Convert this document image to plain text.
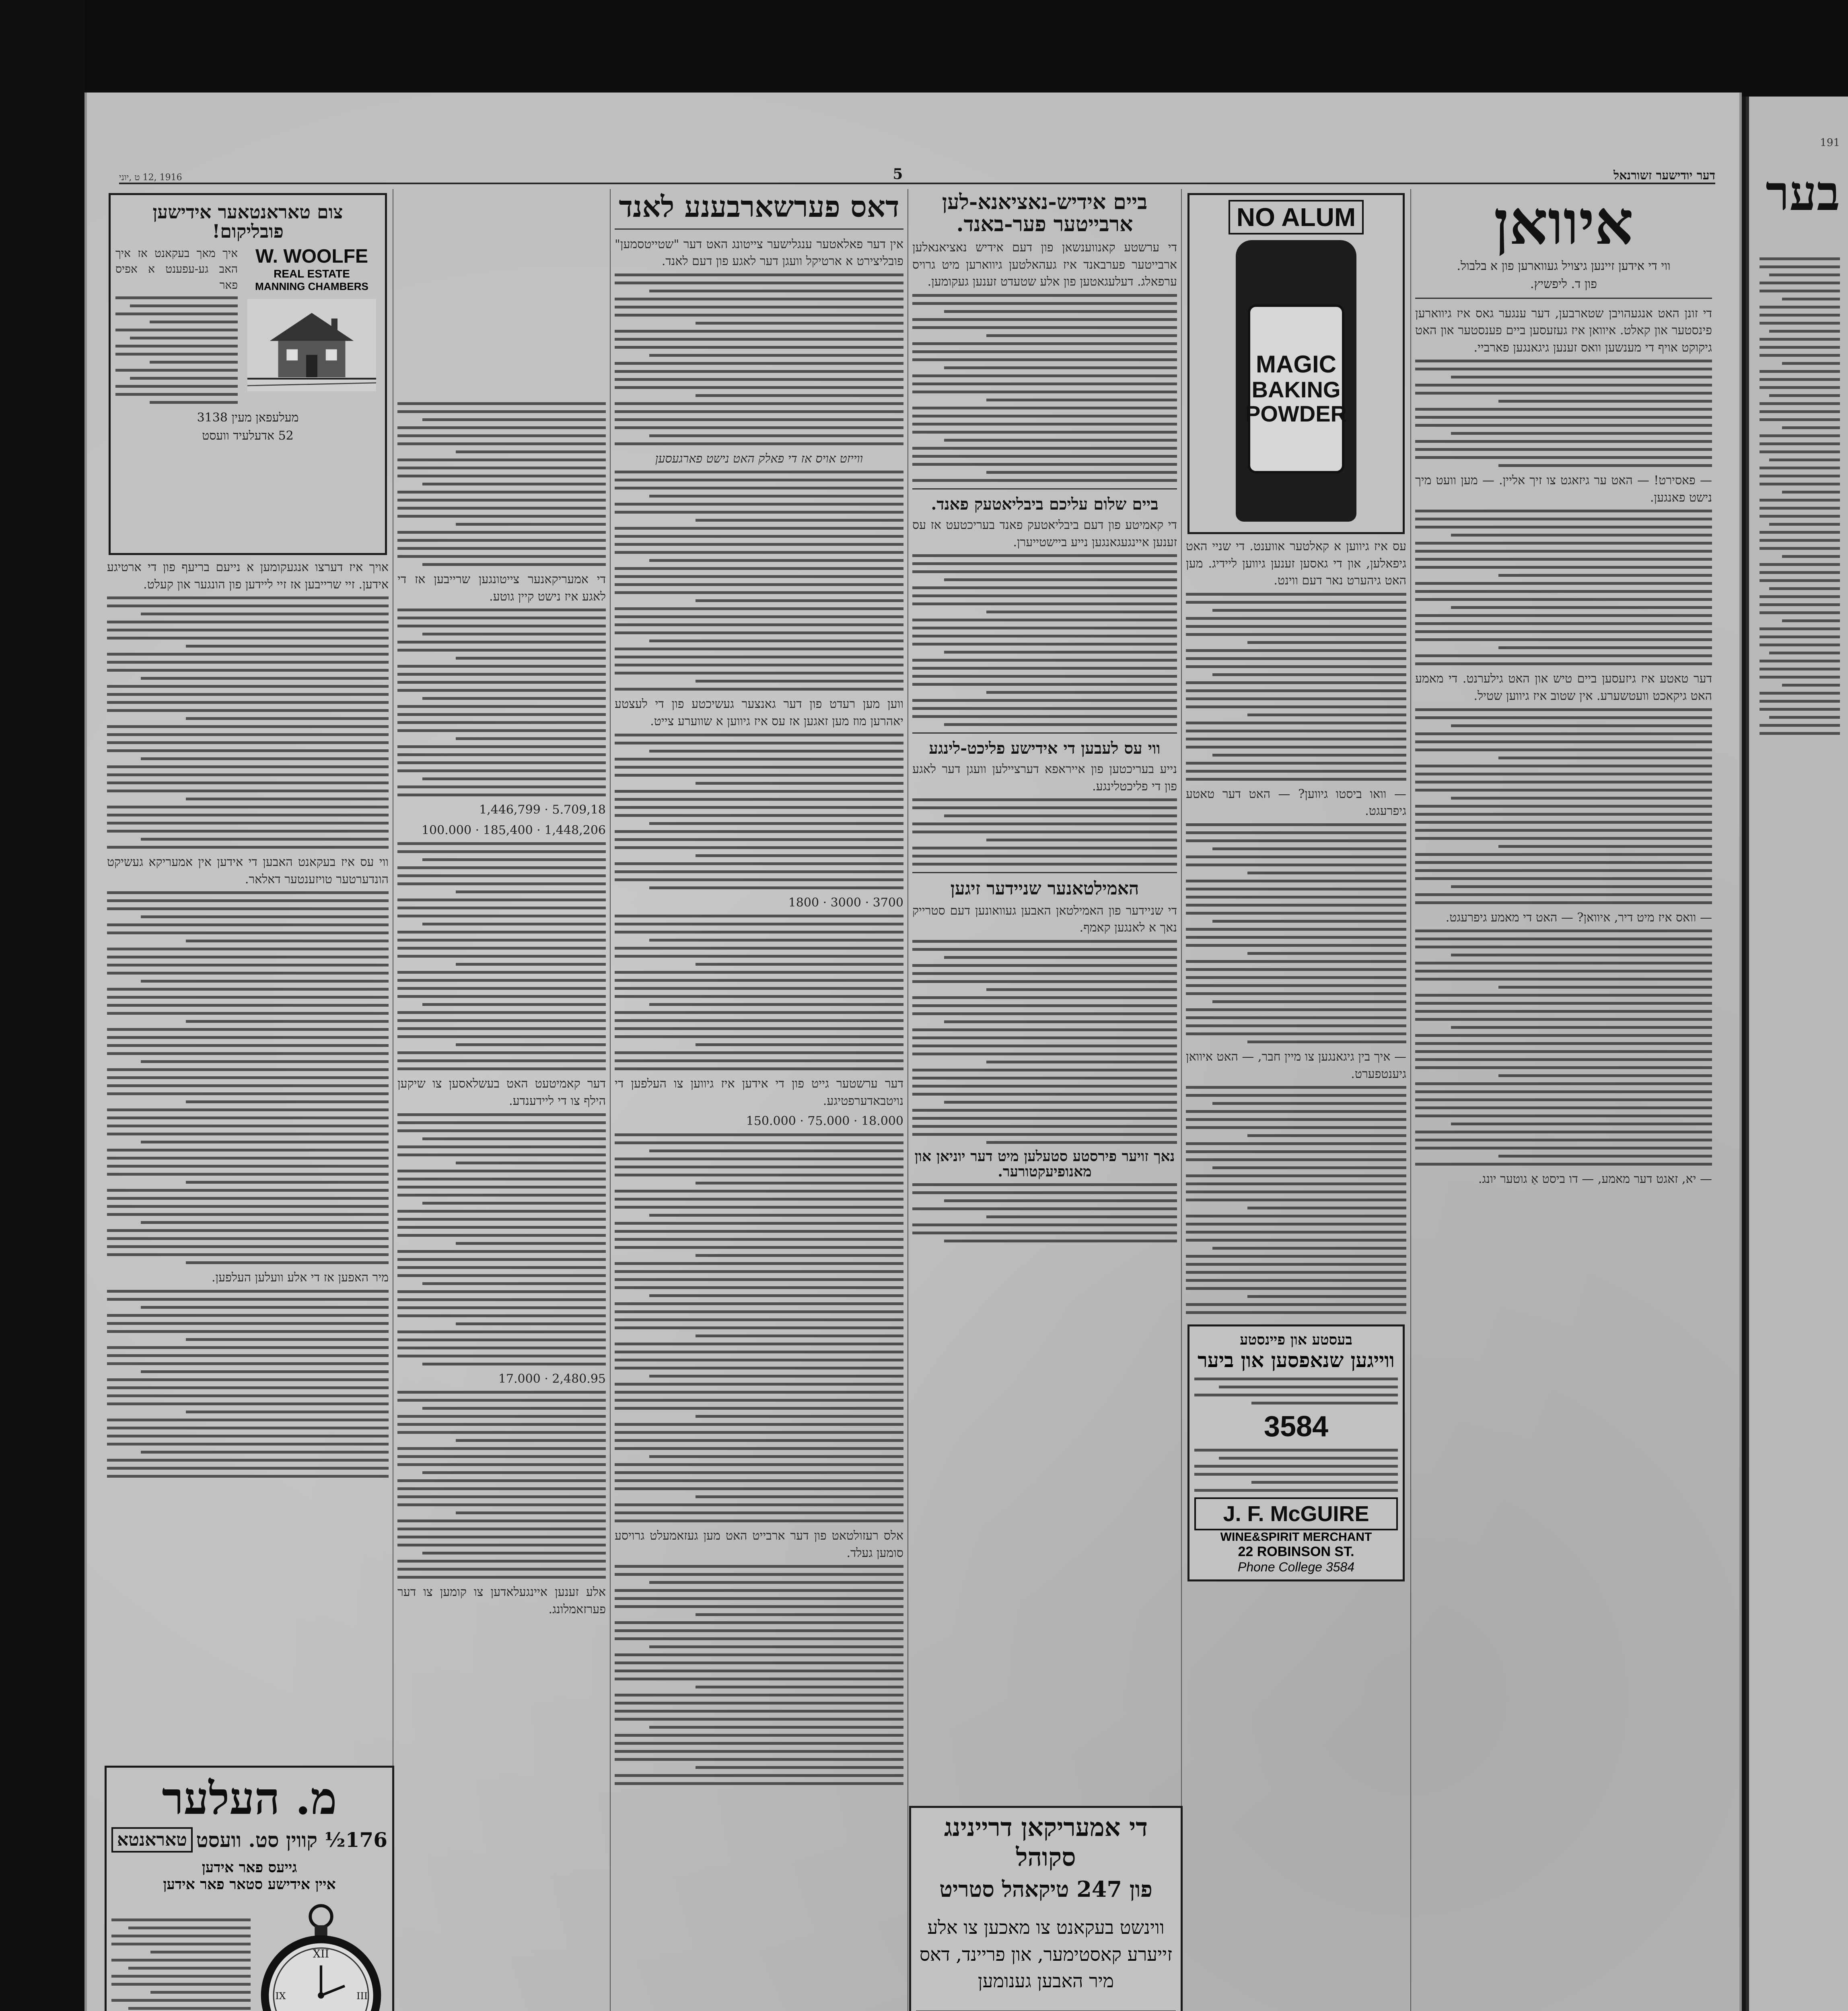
דער יודישער זשורנאל
5
1916 ,12 ט ,יוני
איוואן
ווי די אידען זיינען גיצויל געווארען פון א בלבול.
פון ד. ליפשיץ.

די זונן האט אנגעהויבן שטארבען, דער ענגער גאס איז גיווארען פינסטער און קאלט. איוואן איז געזעסען ביים פענסטער און האט גיקוקט אויף די מענשען וואס זענען גיגאנגען פארביי.

— פאסירט! — האט ער גיזאגט צו זיך אליין. — מען וועט מיך נישט פאנגען.

דער טאטע איז גיזעסען ביים טיש און האט גילערנט. די מאמע האט גיקאכט וועטשערע. אין שטוב איז גיווען שטיל.

— וואס איז מיט דיר, איוואן? — האט די מאמע גיפרעגט.

— יא, זאגט דער מאמע, — דו ביסט אַ גוטער יונג.

NO ALUM
MAGIC
BAKING
POWDER

עס איז גיווען א קאלטער אווענט. די שניי האט גיפאלען, און די גאסען זענען גיווען ליידיג. מען האט גיהערט נאר דעם ווינט.

— וואו ביסטו גיווען? — האט דער טאטע גיפרעגט.

— איך בין גיגאנגען צו מיין חבר, — האט איוואן גיענטפערט.

בעסטע און פיינסטע
ווייגען שנאפסען און ביער
3584
J. F. McGUIRE
WINE&SPIRIT MERCHANT
22 ROBINSON ST.
Phone College 3584
ביים אידיש-נאציאנא-לען ארבייטער פער-באנד.

די ערשטע קאנווענשאן פון דעם אידיש נאציאנאלען ארבייטער פערבאנד איז געהאלטען גיווארען מיט גרויס ערפאלג. דעלעגאטען פון אלע שטעדט זענען געקומען.

ביים שלום עליכם ביבליאטעק פאנד.

די קאמיטע פון דעם ביבליאטעק פאנד בעריכטעט אז עס זענען איינגעגאנגען נייע ביישטייערן.

ווי עס לעבען די אידישע פליכט-לינגע

נייע בעריכטען פון אייראפא דערציילען וועגן דער לאגע פון די פליכטלינגע.

האמילטאנער שניידער זיגען

די שניידער פון האמילטאן האבען געוואונען דעם סטרייק נאך א לאנגען קאמף.

נאך זויער פירסטע סטעלען מיט דער יוניאן און מאנופיעקטורער.
די אמעריקאן דריינינג סקוהל
פון 247 טיקאהל סטריט
ווינשט בעקאנט צו מאכען צו אלע זייערע קאסטימער, און פריינד, דאס מיר האבען גענומען
דאס פערשארבענע לאנד

אין דער פאלאטער ענגלישער צייטונג האט דער "שטייטסמען" פובליצירט א ארטיקל וועגן דער לאגע פון דעם לאנד.

ווייזט אויס אז די פאלק האט נישט פארגעסען

ווען מען רעדט פון דער גאנצער געשיכטע פון די לעצטע יאהרען מוז מען זאגען אז עס איז גיווען א שווערע צייט.

3700 · 3000 · 1800

דער ערשטער גייט פון די אידען איז גיווען צו העלפען די נויטבאדערפטיגע.

18.000 · 75.000 · 150.000

אלס רעזולטאט פון דער ארבייט האט מען געזאמעלט גרויסע סומען געלד.

די אמעריקאנער צייטונגען שרייבען אז די לאגע איז נישט קיין גוטע.

5.709,18 · 1,446,799

1,448,206 · 185,400 · 100.000

דער קאמיטעט האט בעשלאסען צו שיקען הילף צו די ליידענדע.

2,480.95 · 17.000

אלע זענען איינגעלאדען צו קומען צו דער פערזאמלונג.

צום טאראנטאער אידישען פובליקום!

איך מאך בעקאנט אז איך האב גע-עפענט א אפיס פאר

W. WOOLFE
REAL ESTATE
MANNING CHAMBERS
מעלעפאן מעין 3138
52 אדעלעיד וועסט

אויך איז דערצו אנגעקומען א נייעם בריעף פון די ארטיגע אידען. זיי שרייבען אז זיי ליידען פון הונגער און קעלט.

ווי עס איז בעקאנט האבען די אידען אין אמעריקא געשיקט הונדערטער טויזענטער דאלאר.

מיר האפען אז די אלע וועלען העלפען.

מ. העלער
176½ קווין סט. וועסט
טאראנטא
גייעס פאר אידען
איין אידישע סטאר פאר אידען
XII
III
IX
191
בער
